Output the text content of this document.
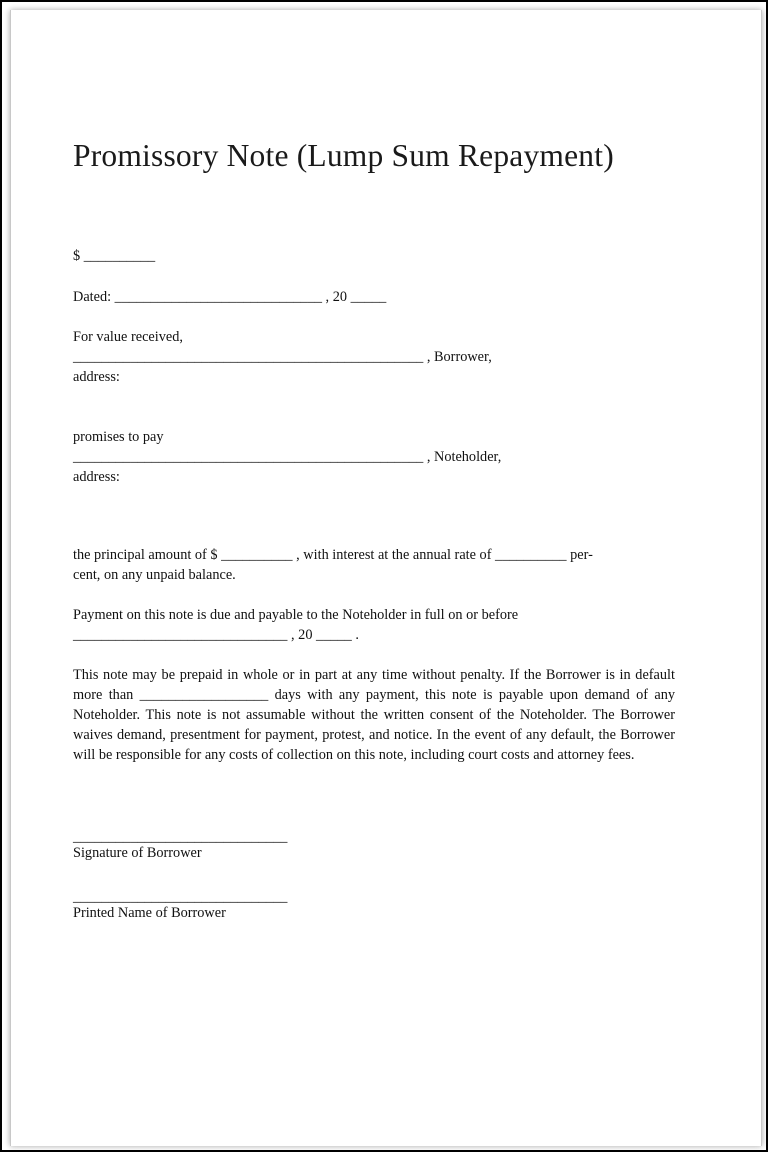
Promissory Note (Lump Sum Repayment)
$ __________
Dated: _____________________________ , 20 _____
For value received,
_________________________________________________ , Borrower,
address:
promises to pay
_________________________________________________ , Noteholder,
address:
the principal amount of $ __________ , with interest at the annual rate of __________ per-
cent, on any unpaid balance.
Payment on this note is due and payable to the Noteholder in full on or before
______________________________ , 20 _____ .
This note may be prepaid in whole or in part at any time without penalty. If the Borrower is in default more than __________________ days with any payment, this note is payable upon demand of any Noteholder. This note is not assumable without the written consent of the Noteholder. The Borrower waives demand, presentment for payment, protest, and notice. In the event of any default, the Borrower will be responsible for any costs of collection on this note, including court costs and attorney fees.
______________________________
Signature of Borrower
______________________________
Printed Name of Borrower
